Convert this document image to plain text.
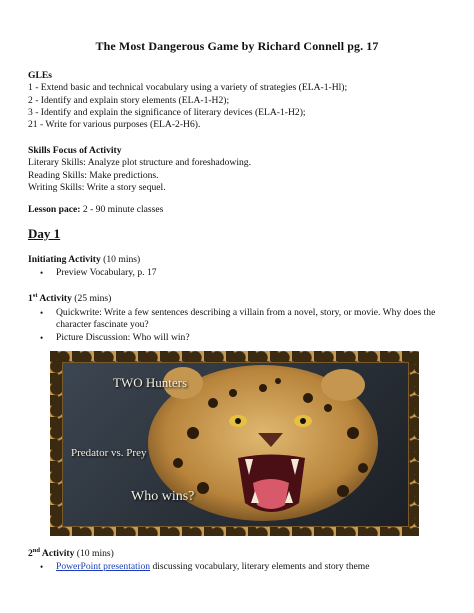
The Most Dangerous Game by Richard Connell pg. 17
GLEs
1 - Extend basic and technical vocabulary using a variety of strategies (ELA-1-Hl);
2 - Identify and explain story elements (ELA-1-H2);
3 - Identify and explain the significance of literary devices (ELA-1-H2);
21 - Write for various purposes (ELA-2-H6).
Skills Focus of Activity
Literary Skills: Analyze plot structure and foreshadowing.
Reading Skills: Make predictions.
Writing Skills: Write a story sequel.
Lesson pace: 2 - 90 minute classes
Day 1
Initiating Activity (10 mins)
• Preview Vocabulary, p. 17
1st Activity (25 mins)
• Quickwrite: Write a few sentences describing a villain from a novel, story, or movie. Why does the
character fascinate you?
• Picture Discussion: Who will win?
TWO Hunters
Predator vs. Prey
Who wins?
2nd Activity (10 mins)
• PowerPoint presentation discussing vocabulary, literary elements and story theme
